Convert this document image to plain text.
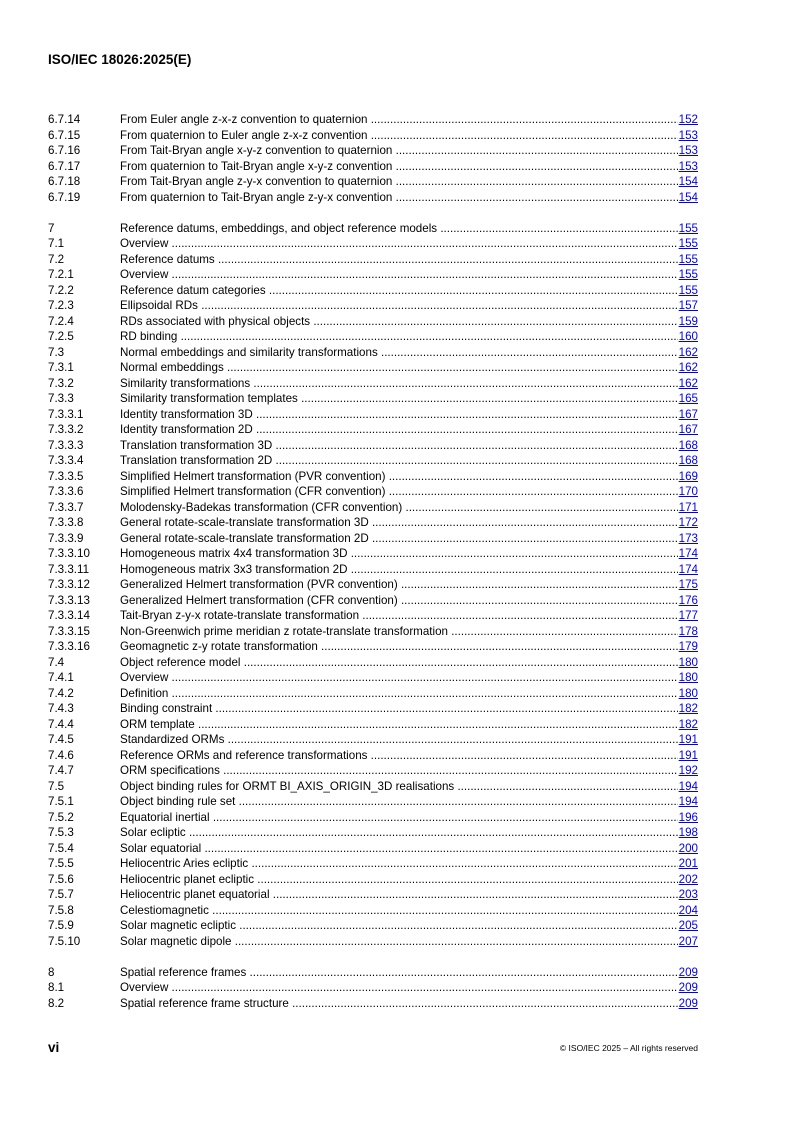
ISO/IEC 18026:2025(E)
6.7.14	From Euler angle z-x-z convention to quaternion .....	152
6.7.15	From quaternion to Euler angle z-x-z convention .....	153
6.7.16	From Tait-Bryan angle x-y-z convention to quaternion .....	153
6.7.17	From quaternion to Tait-Bryan angle x-y-z convention .....	153
6.7.18	From Tait-Bryan angle z-y-x convention to quaternion .....	154
6.7.19	From quaternion to Tait-Bryan angle z-y-x convention .....	154
7	Reference datums, embeddings, and object reference models .....	155
7.1	Overview .....	155
7.2	Reference datums .....	155
7.2.1	Overview .....	155
7.2.2	Reference datum categories .....	155
7.2.3	Ellipsoidal RDs .....	157
7.2.4	RDs associated with physical objects .....	159
7.2.5	RD binding .....	160
7.3	Normal embeddings and similarity transformations .....	162
7.3.1	Normal embeddings .....	162
7.3.2	Similarity transformations .....	162
7.3.3	Similarity transformation templates .....	165
7.3.3.1	Identity transformation 3D .....	167
7.3.3.2	Identity transformation 2D .....	167
7.3.3.3	Translation transformation 3D .....	168
7.3.3.4	Translation transformation 2D .....	168
7.3.3.5	Simplified Helmert transformation (PVR convention) .....	169
7.3.3.6	Simplified Helmert transformation (CFR convention) .....	170
7.3.3.7	Molodensky-Badekas transformation (CFR convention) .....	171
7.3.3.8	General rotate-scale-translate transformation 3D .....	172
7.3.3.9	General rotate-scale-translate transformation 2D .....	173
7.3.3.10	Homogeneous matrix 4x4 transformation 3D .....	174
7.3.3.11	Homogeneous matrix 3x3 transformation 2D .....	174
7.3.3.12	Generalized Helmert transformation (PVR convention) .....	175
7.3.3.13	Generalized Helmert transformation (CFR convention) .....	176
7.3.3.14	Tait-Bryan z-y-x rotate-translate transformation .....	177
7.3.3.15	Non-Greenwich prime meridian z rotate-translate transformation .....	178
7.3.3.16	Geomagnetic z-y rotate transformation .....	179
7.4	Object reference model .....	180
7.4.1	Overview .....	180
7.4.2	Definition .....	180
7.4.3	Binding constraint .....	182
7.4.4	ORM template .....	182
7.4.5	Standardized ORMs .....	191
7.4.6	Reference ORMs and reference transformations .....	191
7.4.7	ORM specifications .....	192
7.5	Object binding rules for ORMT BI_AXIS_ORIGIN_3D realisations .....	194
7.5.1	Object binding rule set .....	194
7.5.2	Equatorial inertial .....	196
7.5.3	Solar ecliptic .....	198
7.5.4	Solar equatorial .....	200
7.5.5	Heliocentric Aries ecliptic .....	201
7.5.6	Heliocentric planet ecliptic .....	202
7.5.7	Heliocentric planet equatorial .....	203
7.5.8	Celestiomagnetic .....	204
7.5.9	Solar magnetic ecliptic .....	205
7.5.10	Solar magnetic dipole .....	207
8	Spatial reference frames .....	209
8.1	Overview .....	209
8.2	Spatial reference frame structure .....	209
vi	© ISO/IEC 2025 – All rights reserved
